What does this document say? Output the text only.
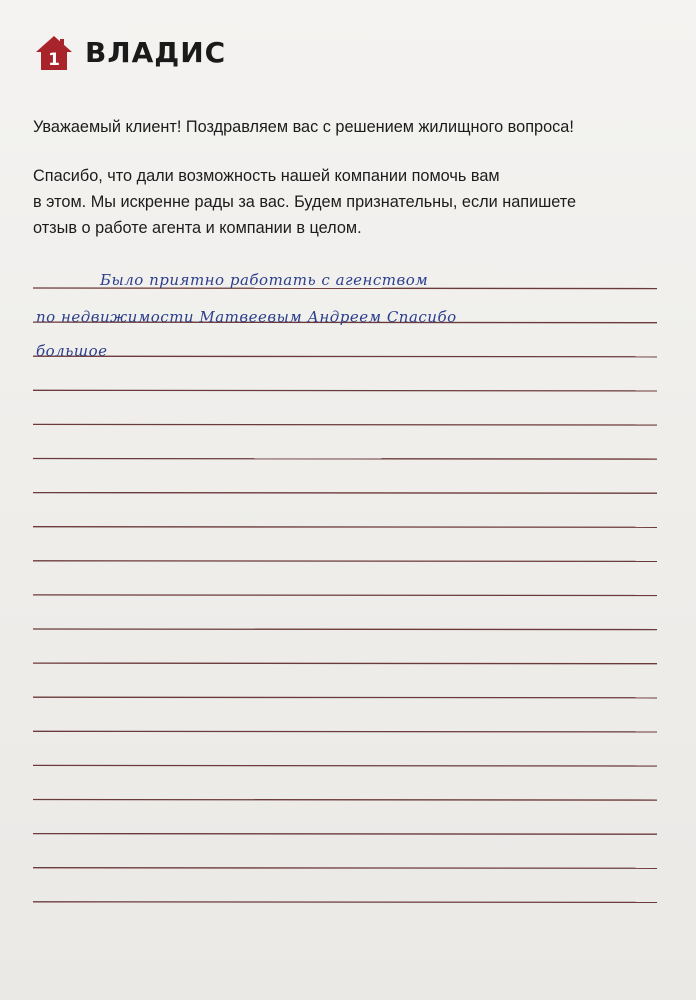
1 ВЛАДИС
Уважаемый клиент! Поздравляем вас с решением жилищного вопроса!
Спасибо, что дали возможность нашей компании помочь вам
в этом. Мы искренне рады за вас. Будем признательны, если напишете
отзыв о работе агента и компании в целом.
Было приятно работать с агенством
по недвижимости Матвеевым Андреем Спасибо
большое
